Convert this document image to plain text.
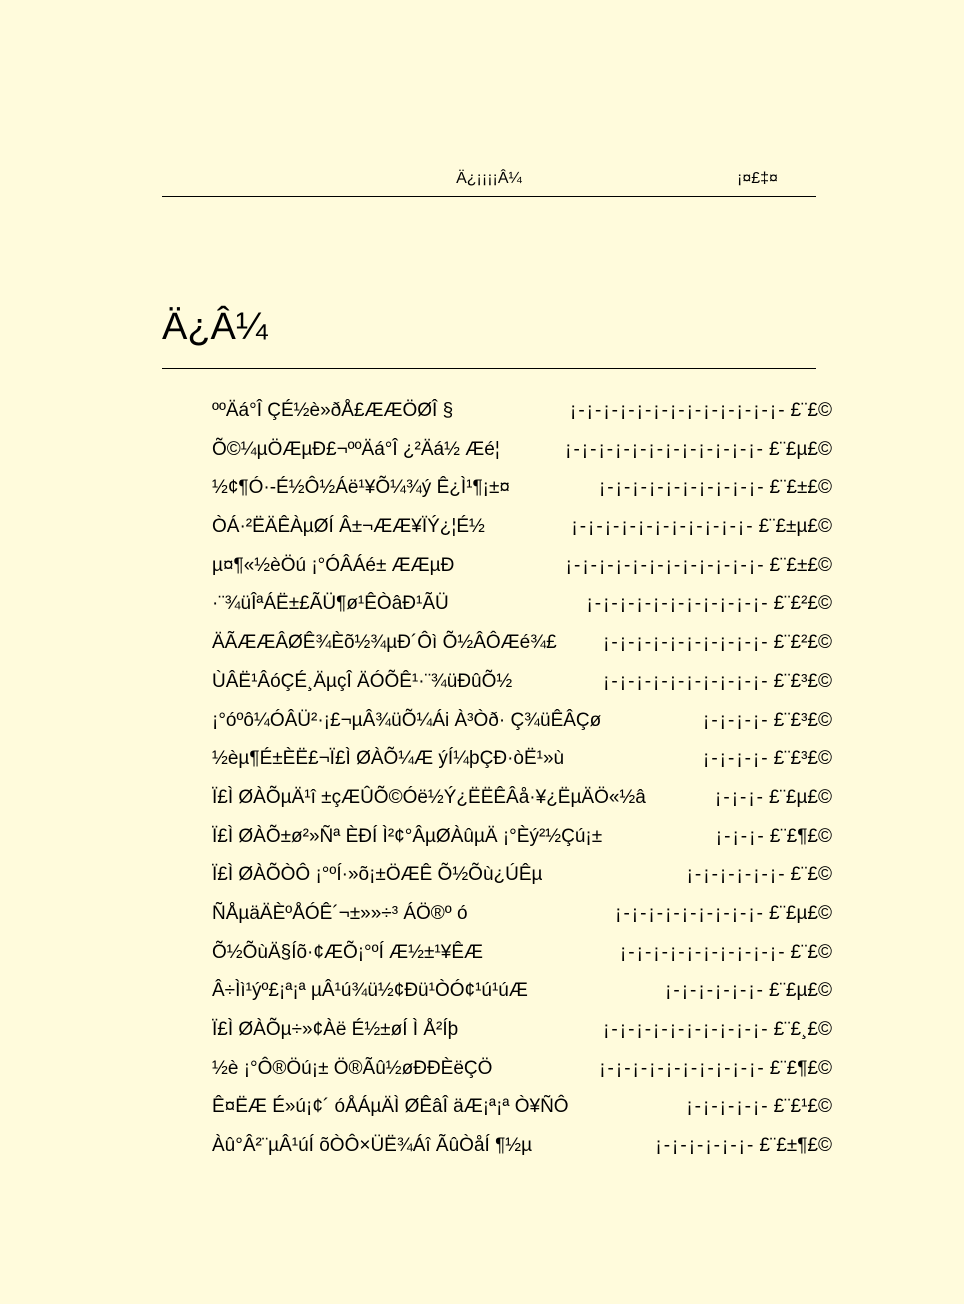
Ä¿¡¡¡¡Â¼	¡¤£‡¤
Ä¿Â¼
ººÄá°Î ÇÉ½è»ðÅ£ÆÆÖØÎ §	¡-¡-¡-¡-¡-¡-¡-¡-¡-¡-¡-¡-¡- £¨£©
Õ©¼µÖÆµÐ£¬ººÄá°Î ¿²Äá½ Æé¦	¡-¡-¡-¡-¡-¡-¡-¡-¡-¡-¡-¡- £¨£µ£©
½¢¶Ó·-É½Ô½Áë¹¥Õ¼¾ý Ê¿Ì¹¶¡±¤	¡-¡-¡-¡-¡-¡-¡-¡-¡-¡- £¨£±£©
ÒÁ·²ËÄÊÀµØÍ Â±¬ÆÆ¥ÏÝ¿¦É½	¡-¡-¡-¡-¡-¡-¡-¡-¡-¡-¡- £¨£±µ£©
µ¤¶«½èÖú ¡°ÓÂÁé± ÆÆµÐ	¡-¡-¡-¡-¡-¡-¡-¡-¡-¡-¡-¡- £¨£±£©
·¨¾üÎªÁË±£ÃÜ¶ø¹ÊÒâÐ¹ÃÜ	¡-¡-¡-¡-¡-¡-¡-¡-¡-¡-¡- £¨£²£©
ÄÃÆÆÂØÊ¾Èõ½¾µÐ´Ôì Õ½ÂÔÆé¾£	¡-¡-¡-¡-¡-¡-¡-¡-¡-¡- £¨£²£©
ÙÂË¹ÂóÇÉ¸ÄµçÎ ÄÓÕÊ¹·¨¾üÐûÕ½	¡-¡-¡-¡-¡-¡-¡-¡-¡-¡- £¨£³£©
¡°óºô¼ÓÂÜ²·¡£¬µÂ¾üÕ¼Ái À³Òð· Ç¾üÊÂÇø	¡-¡-¡-¡- £¨£³£©
½èµ¶É±ÈË£¬Ï£Ì ØÀÕ¼Æ ýÍ¼þÇÐ·òË¹»ù	¡-¡-¡-¡- £¨£³£©
Ï£Ì ØÀÕµÄ¹î ±çÆÛÕ©Óë½Ý¿ËËÊÂå·¥¿ËµÄÖ«½â	¡-¡-¡- £¨£µ£©
Ï£Ì ØÀÕ±ø²»Ñª ÈÐÍ Ì²¢°ÂµØÀûµÄ ¡°Èý²½Çú¡±	¡-¡-¡- £¨£¶£©
Ï£Ì ØÀÕÒÔ ¡°ºÍ·»õ¡±ÖÆÊ Õ½Õù¿ÚÊµ	¡-¡-¡-¡-¡-¡- £¨£©
ÑÅµäÄÈºÅÓÊ´¬±»»÷³ ÁÖ®º ó	¡-¡-¡-¡-¡-¡-¡-¡-¡- £¨£µ£©
Õ½ÕùÄ§Íõ·¢ÆÕ¡°ºÍ Æ½±¹¥ÊÆ	¡-¡-¡-¡-¡-¡-¡-¡-¡-¡- £¨£©
Â÷Ìì¹ýº£¡ª¡ª µÂ¹ú¾ü½¢Ðü¹ÒÓ¢¹ú¹úÆ	¡-¡-¡-¡-¡-¡- £¨£µ£©
Ï£Ì ØÀÕµ÷»¢Àë É½±øÍ Ì Å²Íþ	¡-¡-¡-¡-¡-¡-¡-¡-¡-¡- £¨£¸£©
½è ¡°Ô®Öú¡± Ö®Ãû½øÐÐÈëÇÖ	¡-¡-¡-¡-¡-¡-¡-¡-¡-¡- £¨£¶£©
Ê¤ËÆ É»ú¡¢´ óÅÁµÄÌ ØÊâÎ äÆ¡ª¡ª Ò¥ÑÔ	¡-¡-¡-¡-¡- £¨£¹£©
Àû°Â²¨µÂ¹úÍ õÒÔ×ÜË¾Áî ÃûÒåÍ ¶½µ	¡-¡-¡-¡-¡-¡- £¨£±¶£©
